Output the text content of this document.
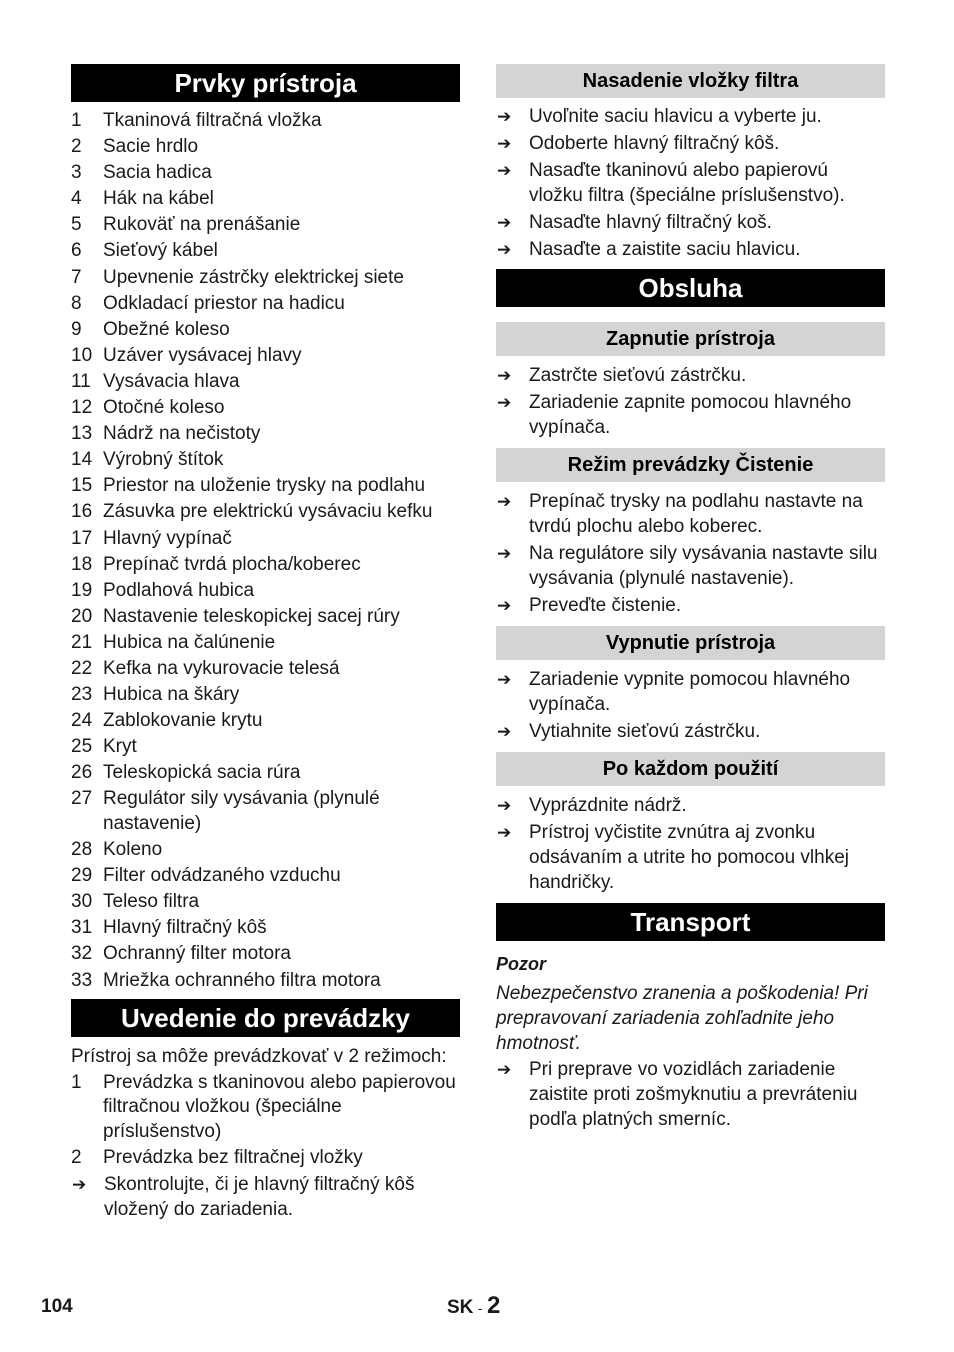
Prvky prístroja
1	Tkaninová filtračná vložka
2	Sacie hrdlo
3	Sacia hadica
4	Hák na kábel
5	Rukoväť na prenášanie
6	Sieťový kábel
7	Upevnenie zástrčky elektrickej siete
8	Odkladací priestor na hadicu
9	Obežné koleso
10 Uzáver vysávacej hlavy
11 Vysávacia hlava
12 Otočné koleso
13 Nádrž na nečistoty
14 Výrobný štítok
15 Priestor na uloženie trysky na podlahu
16 Zásuvka pre elektrickú vysávaciu kefku
17 Hlavný vypínač
18 Prepínač tvrdá plocha/koberec
19 Podlahová hubica
20 Nastavenie teleskopickej sacej rúry
21 Hubica na čalúnenie
22 Kefka na vykurovacie telesá
23 Hubica na škáry
24 Zablokovanie krytu
25 Kryt
26 Teleskopická sacia rúra
27 Regulátor sily vysávania (plynulé nastavenie)
28 Koleno
29 Filter odvádzaného vzduchu
30 Teleso filtra
31 Hlavný filtračný kôš
32 Ochranný filter motora
33 Mriežka ochranného filtra motora
Uvedenie do prevádzky

Prístroj sa môže prevádzkovať v 2 režimoch:

1	Prevádzka s tkaninovou alebo papierovou filtračnou vložkou (špeciálne príslušenstvo)
2	Prevádzka bez filtračnej vložky
➔ Skontrolujte, či je hlavný filtračný kôš vložený do zariadenia.
Nasadenie vložky filtra
➔ Uvoľnite saciu hlavicu a vyberte ju.
➔ Odoberte hlavný filtračný kôš.
➔ Nasaďte tkaninovú alebo papierovú vložku filtra (špeciálne príslušenstvo).
➔ Nasaďte hlavný filtračný koš.
➔ Nasaďte a zaistite saciu hlavicu.
Obsluha
Zapnutie prístroja
➔ Zastrčte sieťovú zástrčku.
➔ Zariadenie zapnite pomocou hlavného vypínača.
Režim prevádzky Čistenie
➔ Prepínač trysky na podlahu nastavte na tvrdú plochu alebo koberec.
➔ Na regulátore sily vysávania nastavte silu vysávania (plynulé nastavenie).
➔ Preveďte čistenie.
Vypnutie prístroja
➔ Zariadenie vypnite pomocou hlavného vypínača.
➔ Vytiahnite sieťovú zástrčku.
Po každom použití
➔ Vyprázdnite nádrž.
➔ Prístroj vyčistite zvnútra aj zvonku odsávaním a utrite ho pomocou vlhkej handričky.
Transport

Pozor

Nebezpečenstvo zranenia a poškodenia! Pri prepravovaní zariadenia zohľadnite jeho hmotnosť.

➔ Pri preprave vo vozidlách zariadenie zaistite proti zošmyknutiu a prevráteniu podľa platných smerníc.
104	SK - 2
